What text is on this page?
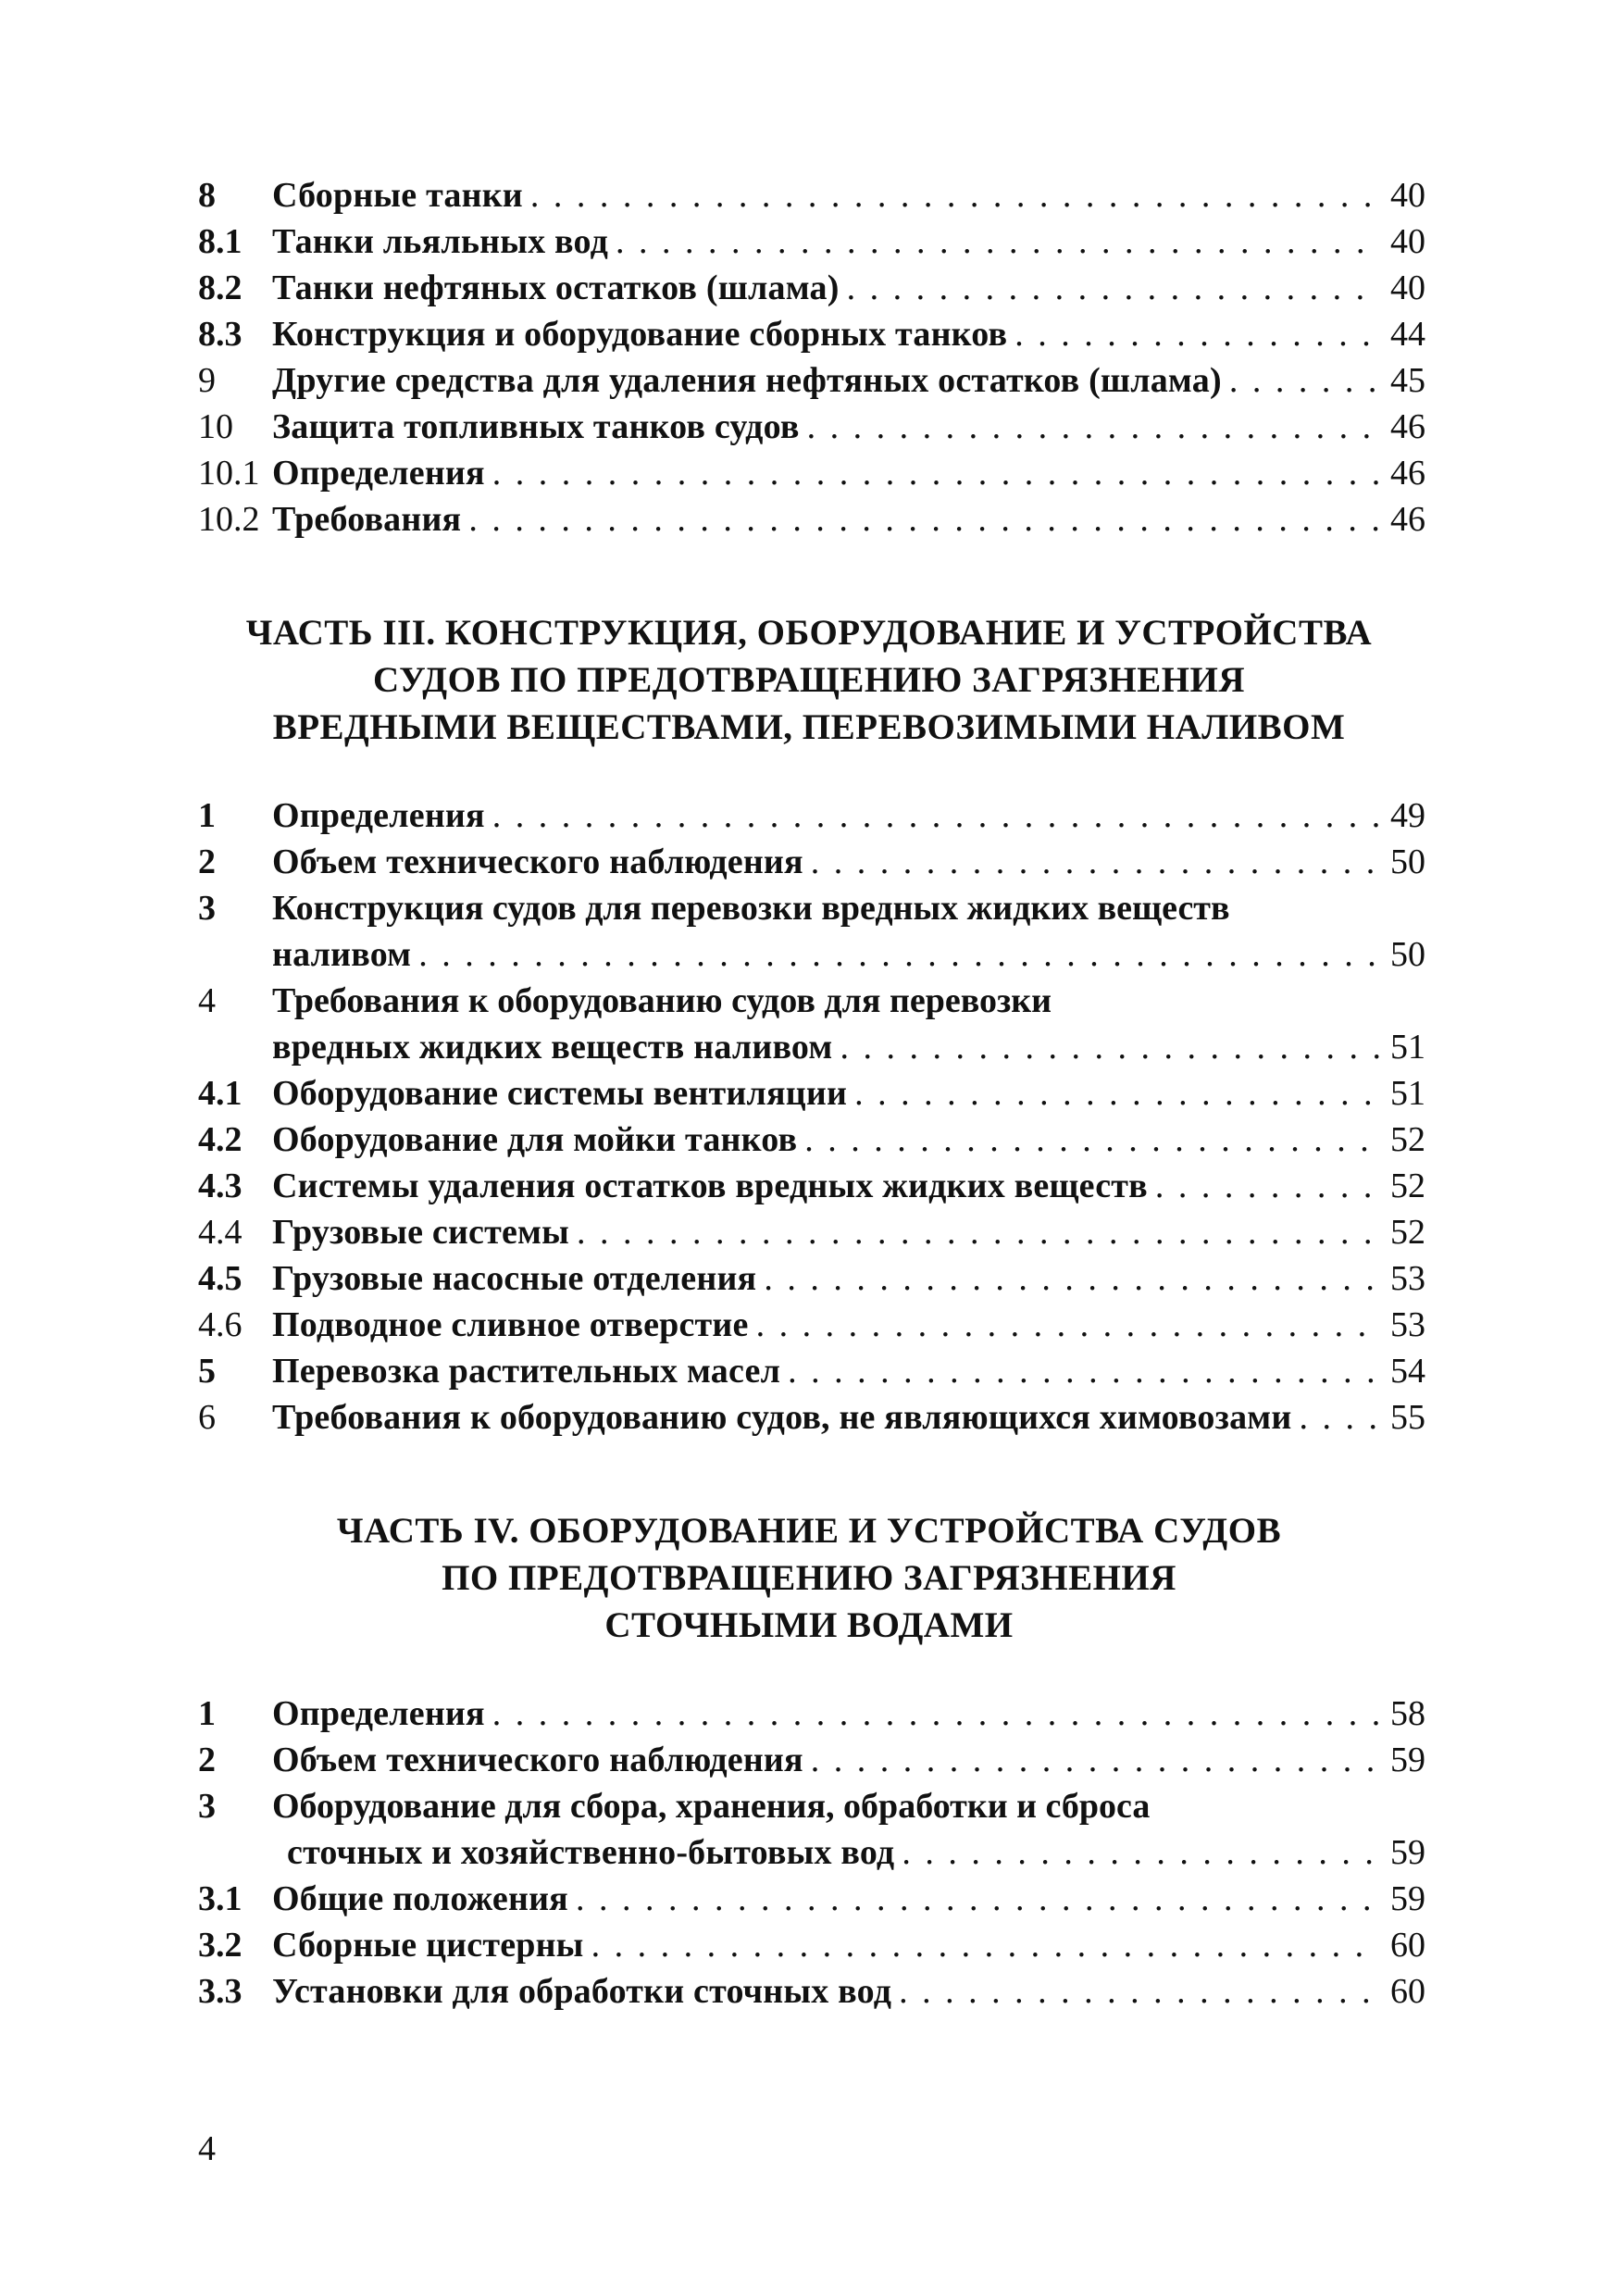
8 Сборные танки . . .	40
8.1 Танки льяльных вод . . .	40
8.2 Танки нефтяных остатков (шлама) . . .	40
8.3 Конструкция и оборудование сборных танков . . .	44
9 Другие средства для удаления нефтяных остатков (шлама) . . .	45
10 Защита топливных танков судов . . .	46
10.1 Определения . . .	46
10.2 Требования . . .	46
ЧАСТЬ III. КОНСТРУКЦИЯ, ОБОРУДОВАНИЕ И УСТРОЙСТВА
СУДОВ ПО ПРЕДОТВРАЩЕНИЮ ЗАГРЯЗНЕНИЯ
ВРЕДНЫМИ ВЕЩЕСТВАМИ, ПЕРЕВОЗИМЫМИ НАЛИВОМ
1 Определения . . .	49
2 Объем технического наблюдения . . .	50
3 Конструкция судов для перевозки вредных жидких веществ
наливом . . .	50
4 Требования к оборудованию судов для перевозки
вредных жидких веществ наливом . . .	51
4.1 Оборудование системы вентиляции . . .	51
4.2 Оборудование для мойки танков . . .	52
4.3 Системы удаления остатков вредных жидких веществ . . .	52
4.4 Грузовые системы . . .	52
4.5 Грузовые насосные отделения . . .	53
4.6 Подводное сливное отверстие . . .	53
5 Перевозка растительных масел . . .	54
6 Требования к оборудованию судов, не являющихся химовозами . . .	55
ЧАСТЬ IV. ОБОРУДОВАНИЕ И УСТРОЙСТВА СУДОВ
ПО ПРЕДОТВРАЩЕНИЮ ЗАГРЯЗНЕНИЯ
СТОЧНЫМИ ВОДАМИ
1 Определения . . .	58
2 Объем технического наблюдения . . .	59
3 Оборудование для сбора, хранения, обработки и сброса
сточных и хозяйственно-бытовых вод . . .	59
3.1 Общие положения . . .	59
3.2 Сборные цистерны . . .	60
3.3 Установки для обработки сточных вод . . .	60
4
